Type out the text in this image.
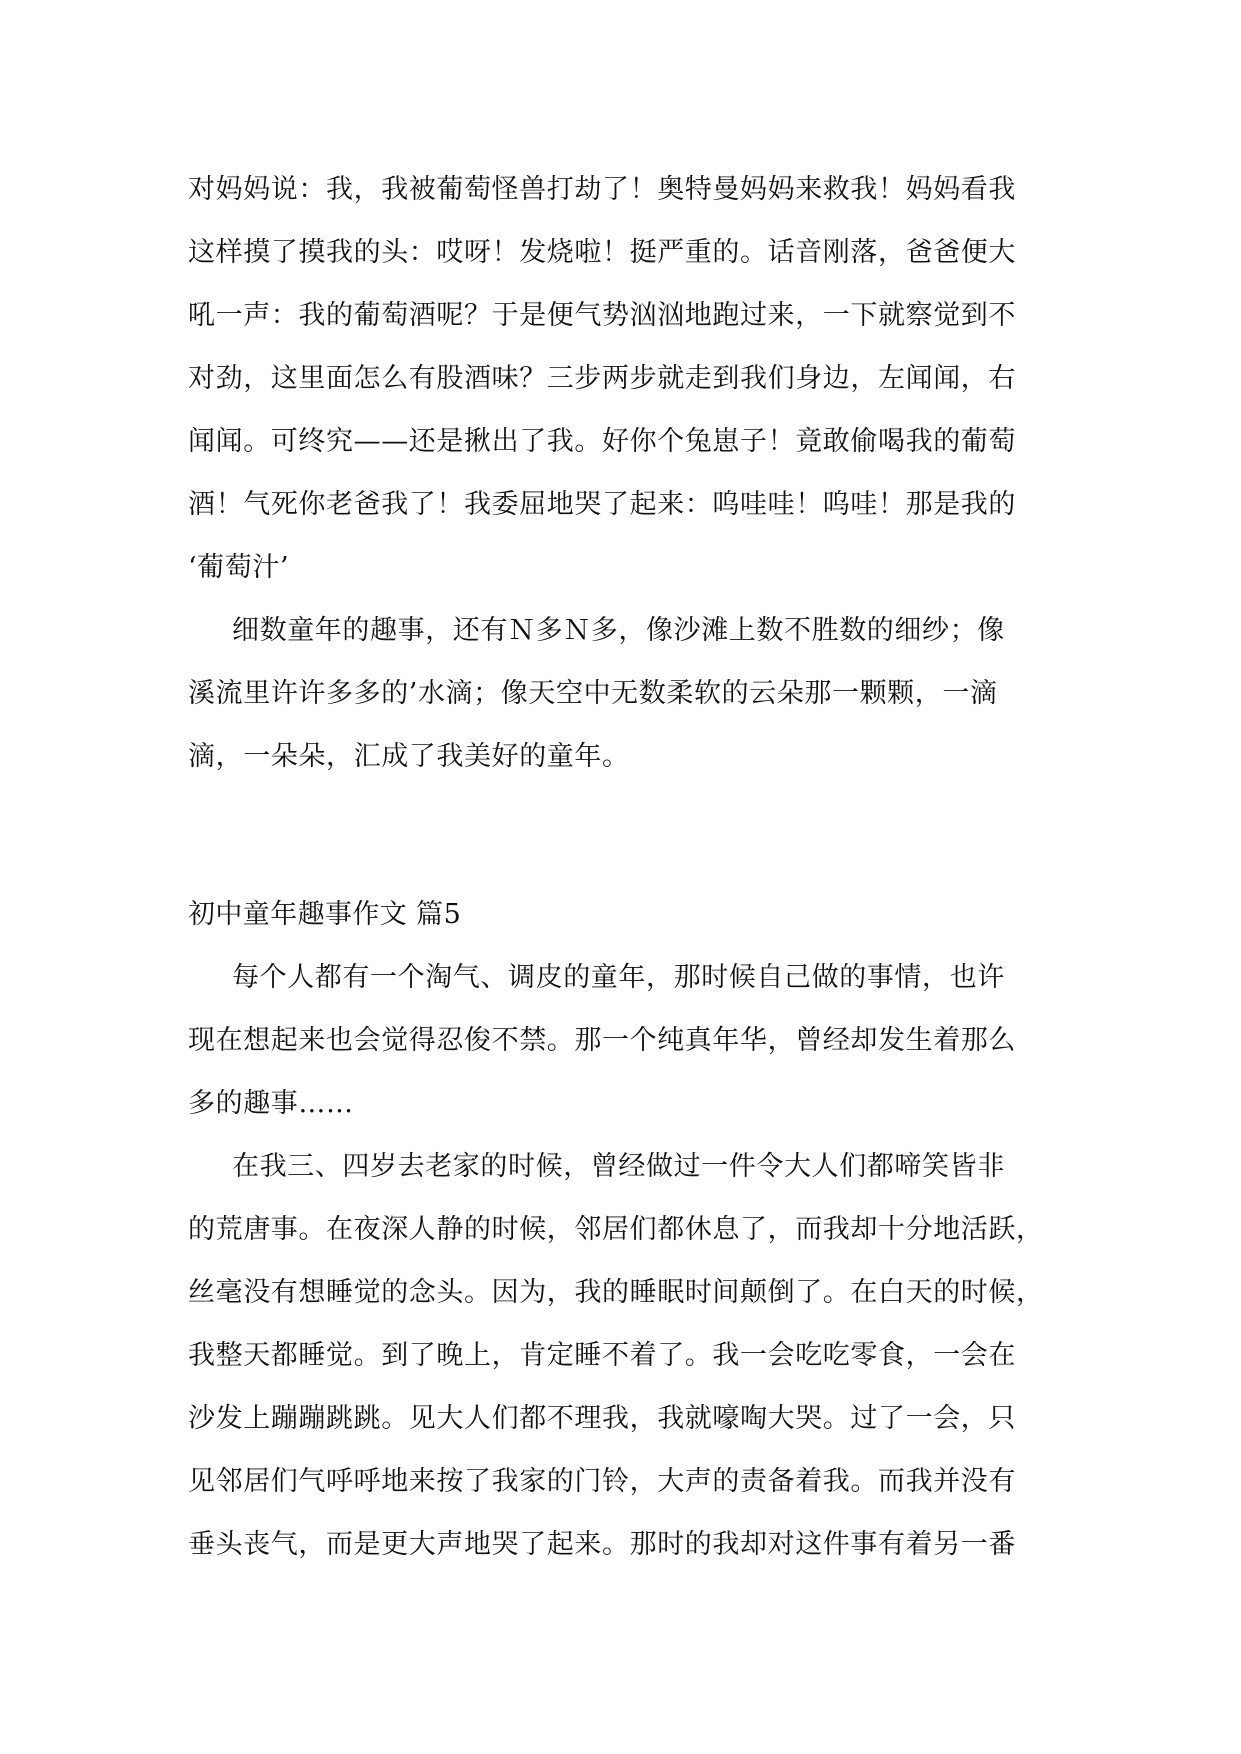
对妈妈说：我，我被葡萄怪兽打劫了！奥特曼妈妈来救我！妈妈看我
这样摸了摸我的头：哎呀！发烧啦！挺严重的。话音刚落，爸爸便大
吼一声：我的葡萄酒呢？于是便气势汹汹地跑过来，一下就察觉到不
对劲，这里面怎么有股酒味？三步两步就走到我们身边，左闻闻，右
闻闻。可终究——还是揪出了我。好你个兔崽子！竟敢偷喝我的葡萄
酒！气死你老爸我了！我委屈地哭了起来：呜哇哇！呜哇！那是我的
‘葡萄汁’
细数童年的趣事，还有Ｎ多Ｎ多，像沙滩上数不胜数的细纱；像
溪流里许许多多的’水滴；像天空中无数柔软的云朵那一颗颗，一滴
滴，一朵朵，汇成了我美好的童年。
初中童年趣事作文 篇5
每个人都有一个淘气、调皮的童年，那时候自己做的事情，也许
现在想起来也会觉得忍俊不禁。那一个纯真年华，曾经却发生着那么
多的趣事……
在我三、四岁去老家的时候，曾经做过一件令大人们都啼笑皆非
的荒唐事。在夜深人静的时候，邻居们都休息了，而我却十分地活跃，
丝毫没有想睡觉的念头。因为，我的睡眠时间颠倒了。在白天的时候，
我整天都睡觉。到了晚上，肯定睡不着了。我一会吃吃零食，一会在
沙发上蹦蹦跳跳。见大人们都不理我，我就嚎啕大哭。过了一会，只
见邻居们气呼呼地来按了我家的门铃，大声的责备着我。而我并没有
垂头丧气，而是更大声地哭了起来。那时的我却对这件事有着另一番
